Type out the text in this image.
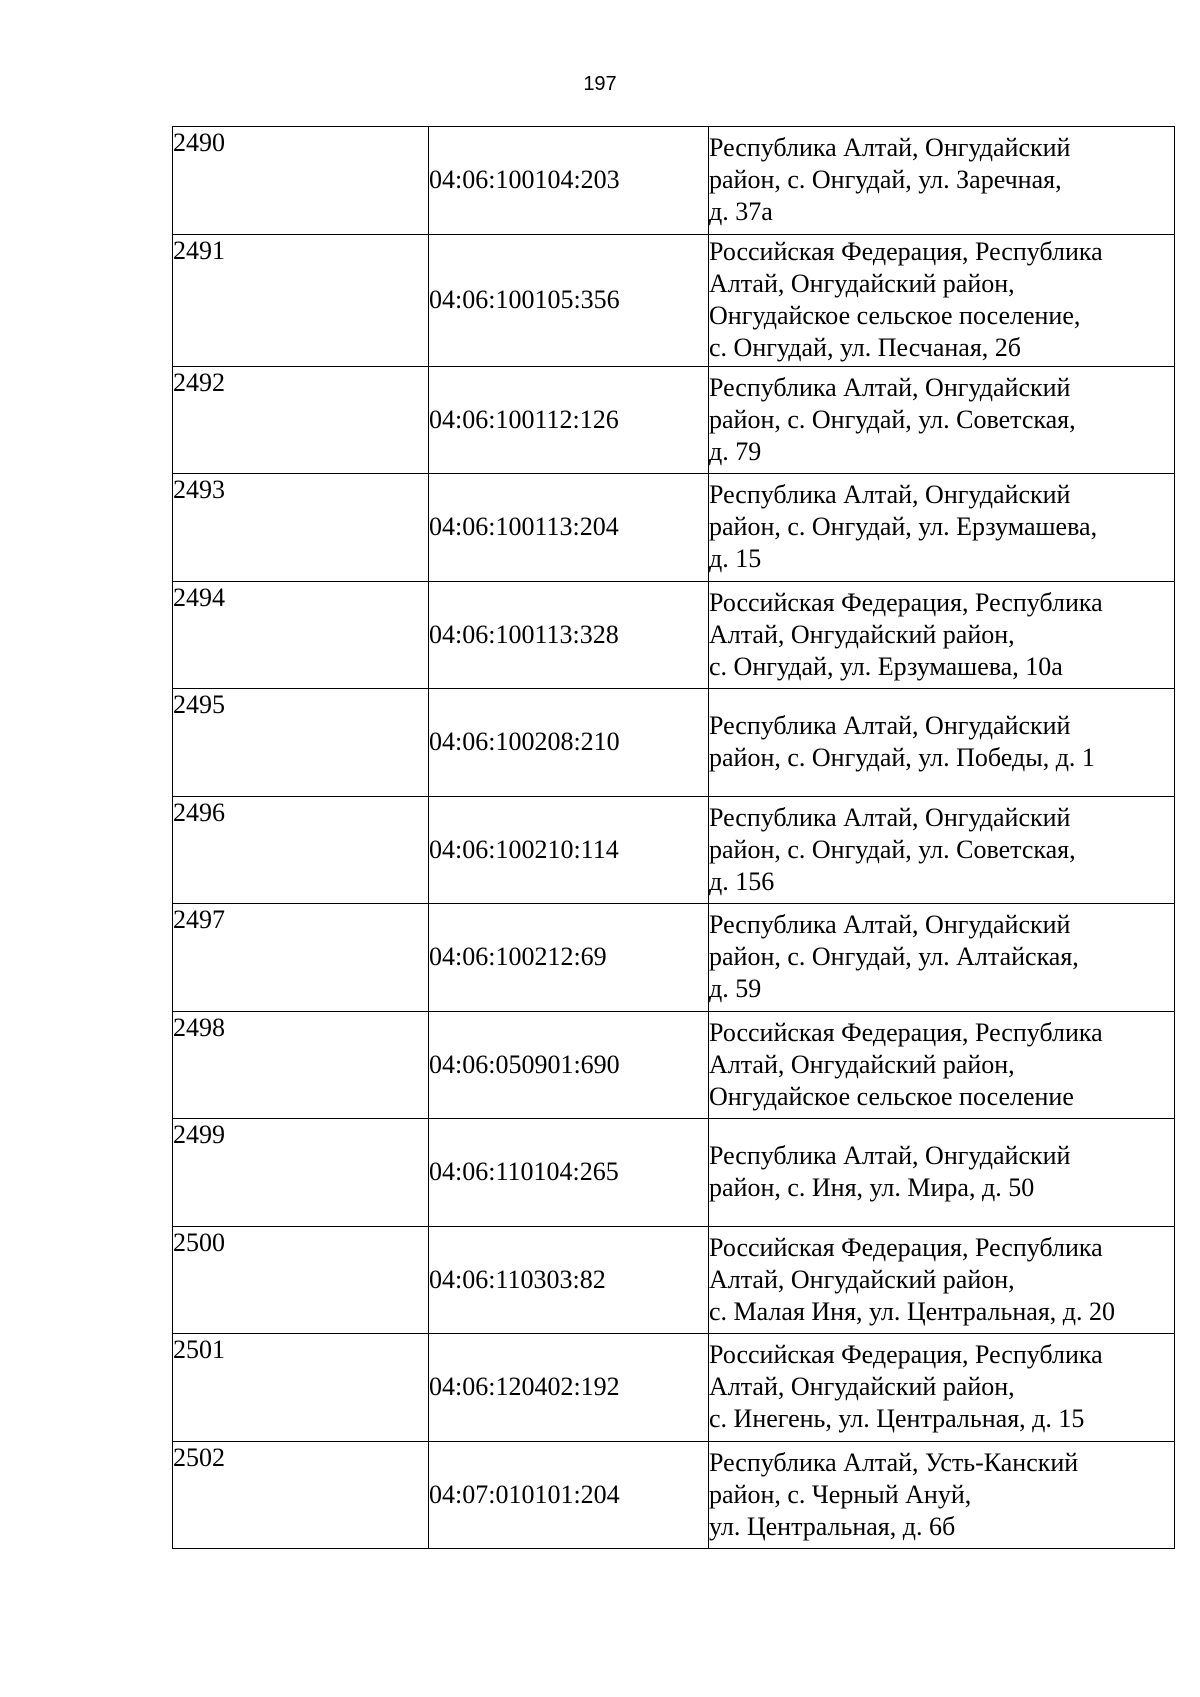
197
2490	04:06:100104:203	Республика Алтай, Онгудайский
район, с. Онгудай, ул. Заречная,
д. 37а

2491	04:06:100105:356	Российская Федерация, Республика
Алтай, Онгудайский район,
Онгудайское сельское поселение,
с. Онгудай, ул. Песчаная, 2б

2492	04:06:100112:126	Республика Алтай, Онгудайский
район, с. Онгудай, ул. Советская,
д. 79

2493	04:06:100113:204	Республика Алтай, Онгудайский
район, с. Онгудай, ул. Ерзумашева,
д. 15

2494	04:06:100113:328	Российская Федерация, Республика
Алтай, Онгудайский район,
с. Онгудай, ул. Ерзумашева, 10а

2495	04:06:100208:210	Республика Алтай, Онгудайский
район, с. Онгудай, ул. Победы, д. 1

2496	04:06:100210:114	Республика Алтай, Онгудайский
район, с. Онгудай, ул. Советская,
д. 156

2497	04:06:100212:69	Республика Алтай, Онгудайский
район, с. Онгудай, ул. Алтайская,
д. 59

2498	04:06:050901:690	Российская Федерация, Республика
Алтай, Онгудайский район,
Онгудайское сельское поселение

2499	04:06:110104:265	Республика Алтай, Онгудайский
район, с. Иня, ул. Мира, д. 50

2500	04:06:110303:82	Российская Федерация, Республика
Алтай, Онгудайский район,
с. Малая Иня, ул. Центральная, д. 20

2501	04:06:120402:192	Российская Федерация, Республика
Алтай, Онгудайский район,
с. Инегень, ул. Центральная, д. 15

2502	04:07:010101:204	Республика Алтай, Усть-Канский
район, с. Черный Ануй,
ул. Центральная, д. 6б
